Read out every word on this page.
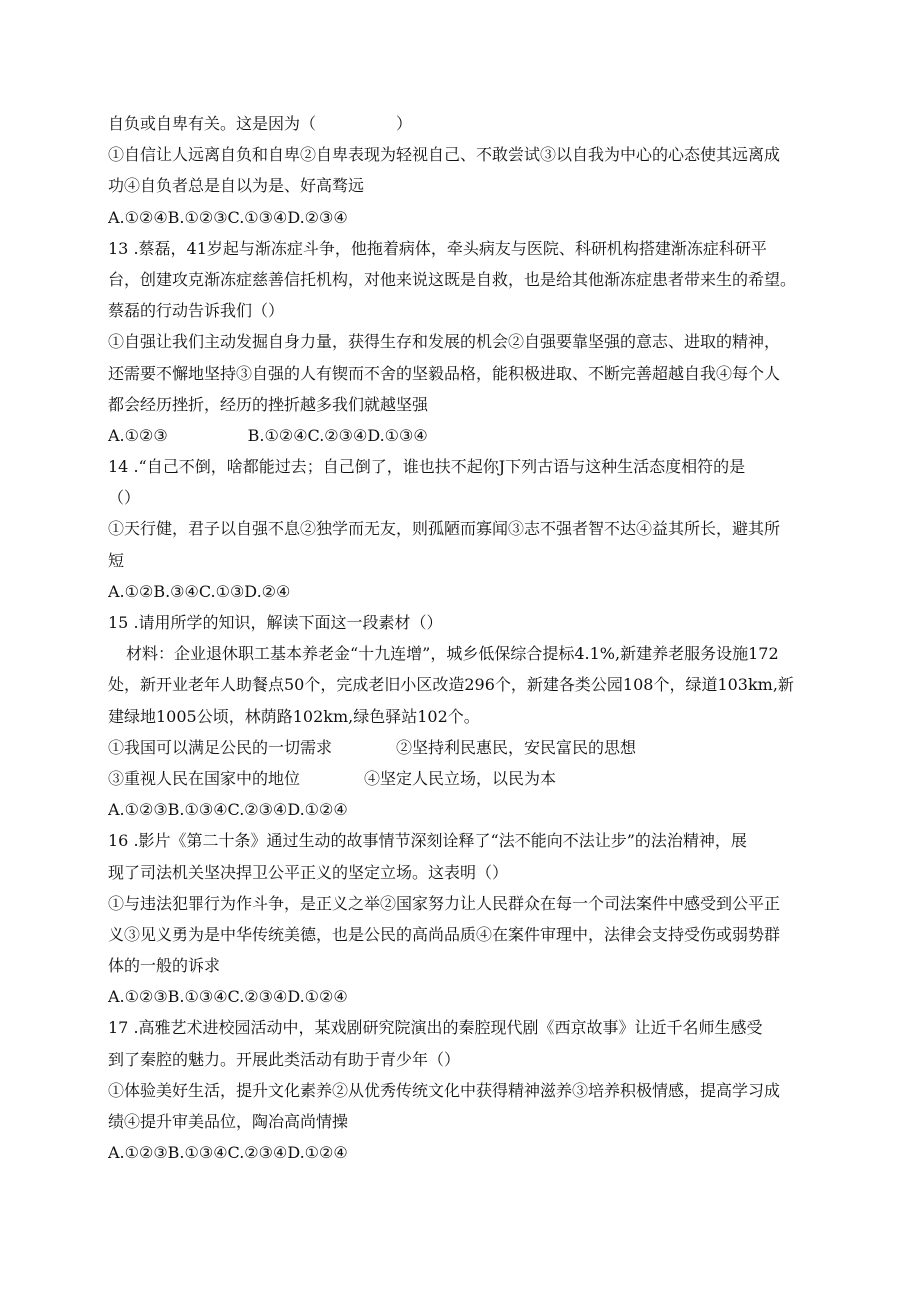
自负或自卑有关。这是因为（　　　　　）
①自信让人远离自负和自卑②自卑表现为轻视自己、不敢尝试③以自我为中心的心态使其远离成
功④自负者总是自以为是、好高骛远
A.①②④B.①②③C.①③④D.②③④
13 .蔡磊，41岁起与渐冻症斗争，他拖着病体，牵头病友与医院、科研机构搭建渐冻症科研平
台，创建攻克渐冻症慈善信托机构，对他来说这既是自救，也是给其他渐冻症患者带来生的希望。
蔡磊的行动告诉我们（）
①自强让我们主动发掘自身力量，获得生存和发展的机会②自强要靠坚强的意志、进取的精神，
还需要不懈地坚持③自强的人有锲而不舍的坚毅品格，能积极进取、不断完善超越自我④每个人
都会经历挫折，经历的挫折越多我们就越坚强
A.①②③　　　　　B.①②④C.②③④D.①③④
14 .“自己不倒，啥都能过去；自己倒了，谁也扶不起你J下列古语与这种生活态度相符的是
（）
①天行健，君子以自强不息②独学而无友，则孤陋而寡闻③志不强者智不达④益其所长，避其所
短
A.①②B.③④C.①③D.②④
15 .请用所学的知识，解读下面这一段素材（）
材料：企业退休职工基本养老金“十九连增”，城乡低保综合提标4.1%,新建养老服务设施172
处，新开业老年人助餐点50个，完成老旧小区改造296个，新建各类公园108个，绿道103km,新
建绿地1005公顷，林荫路102km,绿色驿站102个。
①我国可以满足公民的一切需求　　　　②坚持利民惠民，安民富民的思想
③重视人民在国家中的地位　　　　④坚定人民立场，以民为本
A.①②③B.①③④C.②③④D.①②④
16 .影片《第二十条》通过生动的故事情节深刻诠释了“法不能向不法让步”的法治精神，展
现了司法机关坚决捍卫公平正义的坚定立场。这表明（）
①与违法犯罪行为作斗争，是正义之举②国家努力让人民群众在每一个司法案件中感受到公平正
义③见义勇为是中华传统美德，也是公民的高尚品质④在案件审理中，法律会支持受伤或弱势群
体的一般的诉求
A.①②③B.①③④C.②③④D.①②④
17 .高雅艺术进校园活动中，某戏剧研究院演出的秦腔现代剧《西京故事》让近千名师生感受
到了秦腔的魅力。开展此类活动有助于青少年（）
①体验美好生活，提升文化素养②从优秀传统文化中获得精神滋养③培养积极情感，提高学习成
绩④提升审美品位，陶冶高尚情操
A.①②③B.①③④C.②③④D.①②④
